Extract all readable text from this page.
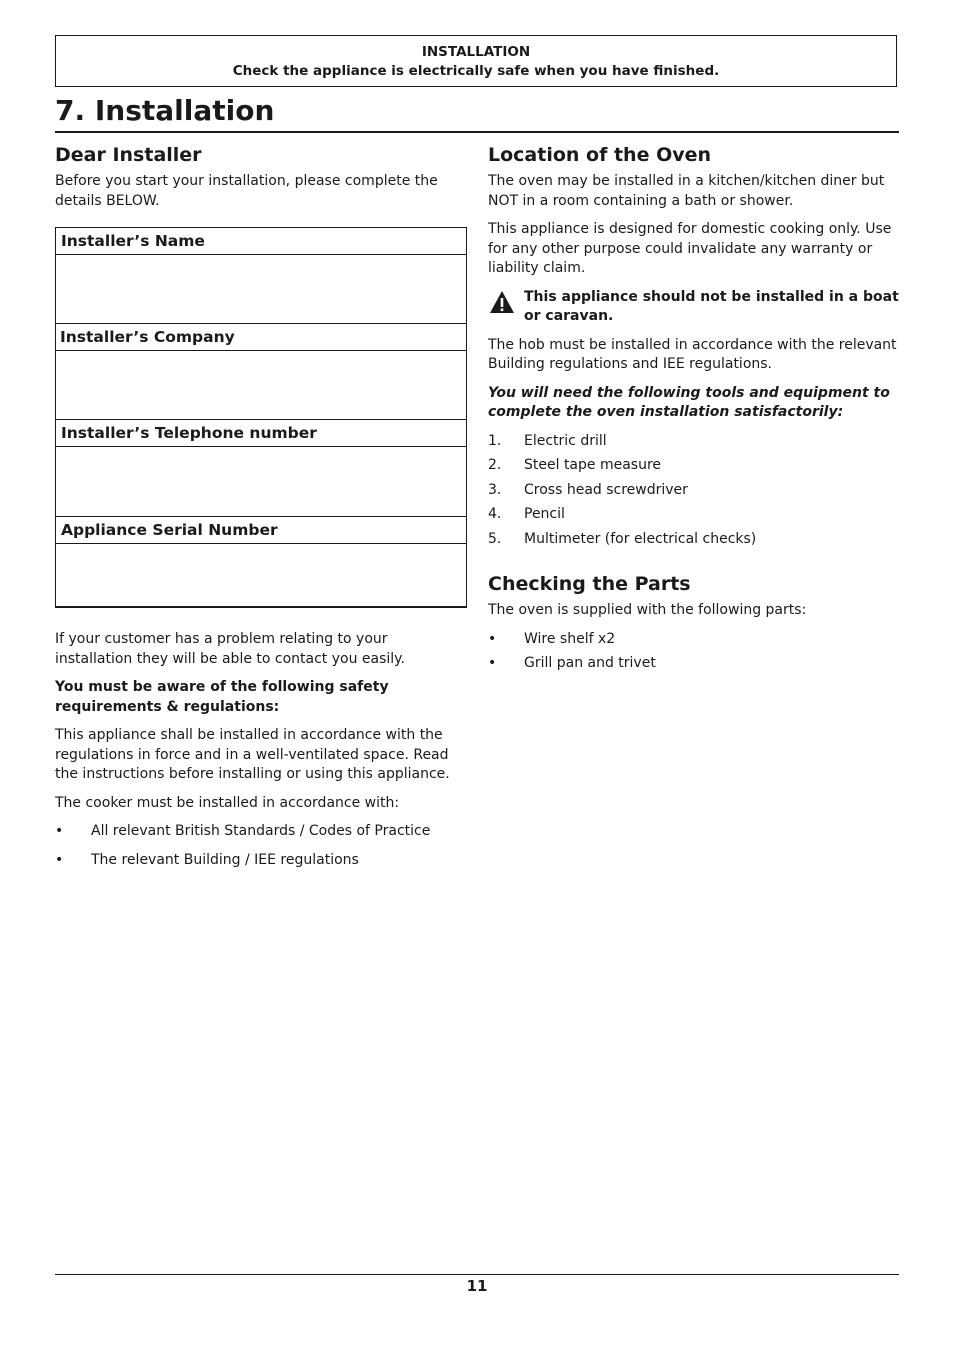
INSTALLATION
Check the appliance is electrically safe when you have finished.
7. Installation
Dear Installer

Before you start your installation, please complete the details BELOW.

Installer’s Name
Installer’s Company
Installer’s Telephone number
Appliance Serial Number

If your customer has a problem relating to your installation they will be able to contact you easily.

You must be aware of the following safety requirements & regulations:

This appliance shall be installed in accordance with the regulations in force and in a well-ventilated space. Read the instructions before installing or using this appliance.

The cooker must be installed in accordance with:

•	All relevant British Standards / Codes of Practice
•	The relevant Building / IEE regulations
Location of the Oven

The oven may be installed in a kitchen/kitchen diner but NOT in a room containing a bath or shower.

This appliance is designed for domestic cooking only. Use for any other purpose could invalidate any warranty or liability claim.

This appliance should not be installed in a boat or caravan.

The hob must be installed in accordance with the relevant Building regulations and IEE regulations.

You will need the following tools and equipment to complete the oven installation satisfactorily:

1.	Electric drill
2.	Steel tape measure
3.	Cross head screwdriver
4.	Pencil
5.	Multimeter (for electrical checks)
Checking the Parts

The oven is supplied with the following parts:

•	Wire shelf x2
•	Grill pan and trivet
11
